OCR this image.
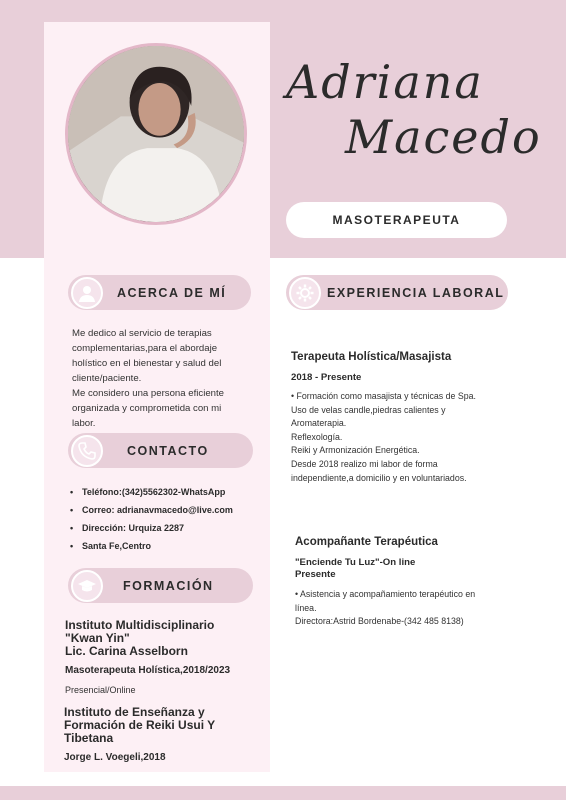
Adriana
Macedo
MASOTERAPEUTA
ACERCA DE MÍ
Me dedico al servicio de terapias
complementarias,para el abordaje
holístico en el bienestar y salud del
cliente/paciente.
Me considero una persona eficiente
organizada y comprometida con mi
labor.
CONTACTO
• Teléfono:(342)5562302-WhatsApp
• Correo: adrianavmacedo@live.com
• Dirección: Urquiza 2287
• Santa Fe,Centro
FORMACIÓN
Instituto Multidisciplinario
"Kwan Yin"
Lic. Carina Asselborn
Masoterapeuta Holística,2018/2023
Presencial/Online
Instituto de Enseñanza y
Formación de Reiki Usui Y
Tibetana
Jorge L. Voegeli,2018
EXPERIENCIA LABORAL
Terapeuta Holística/Masajista
2018 - Presente
• Formación como masajista y técnicas de Spa.
Uso de velas candle,piedras calientes y
Aromaterapia.
Reflexología.
Reiki y Armonización Energética.
Desde 2018 realizo mi labor de forma
independiente,a domicilio y en voluntariados.
Acompañante Terapéutica
"Enciende Tu Luz"-On line
Presente
• Asistencia y acompañamiento terapéutico en
línea.
Directora:Astrid Bordenabe-(342 485 8138)
